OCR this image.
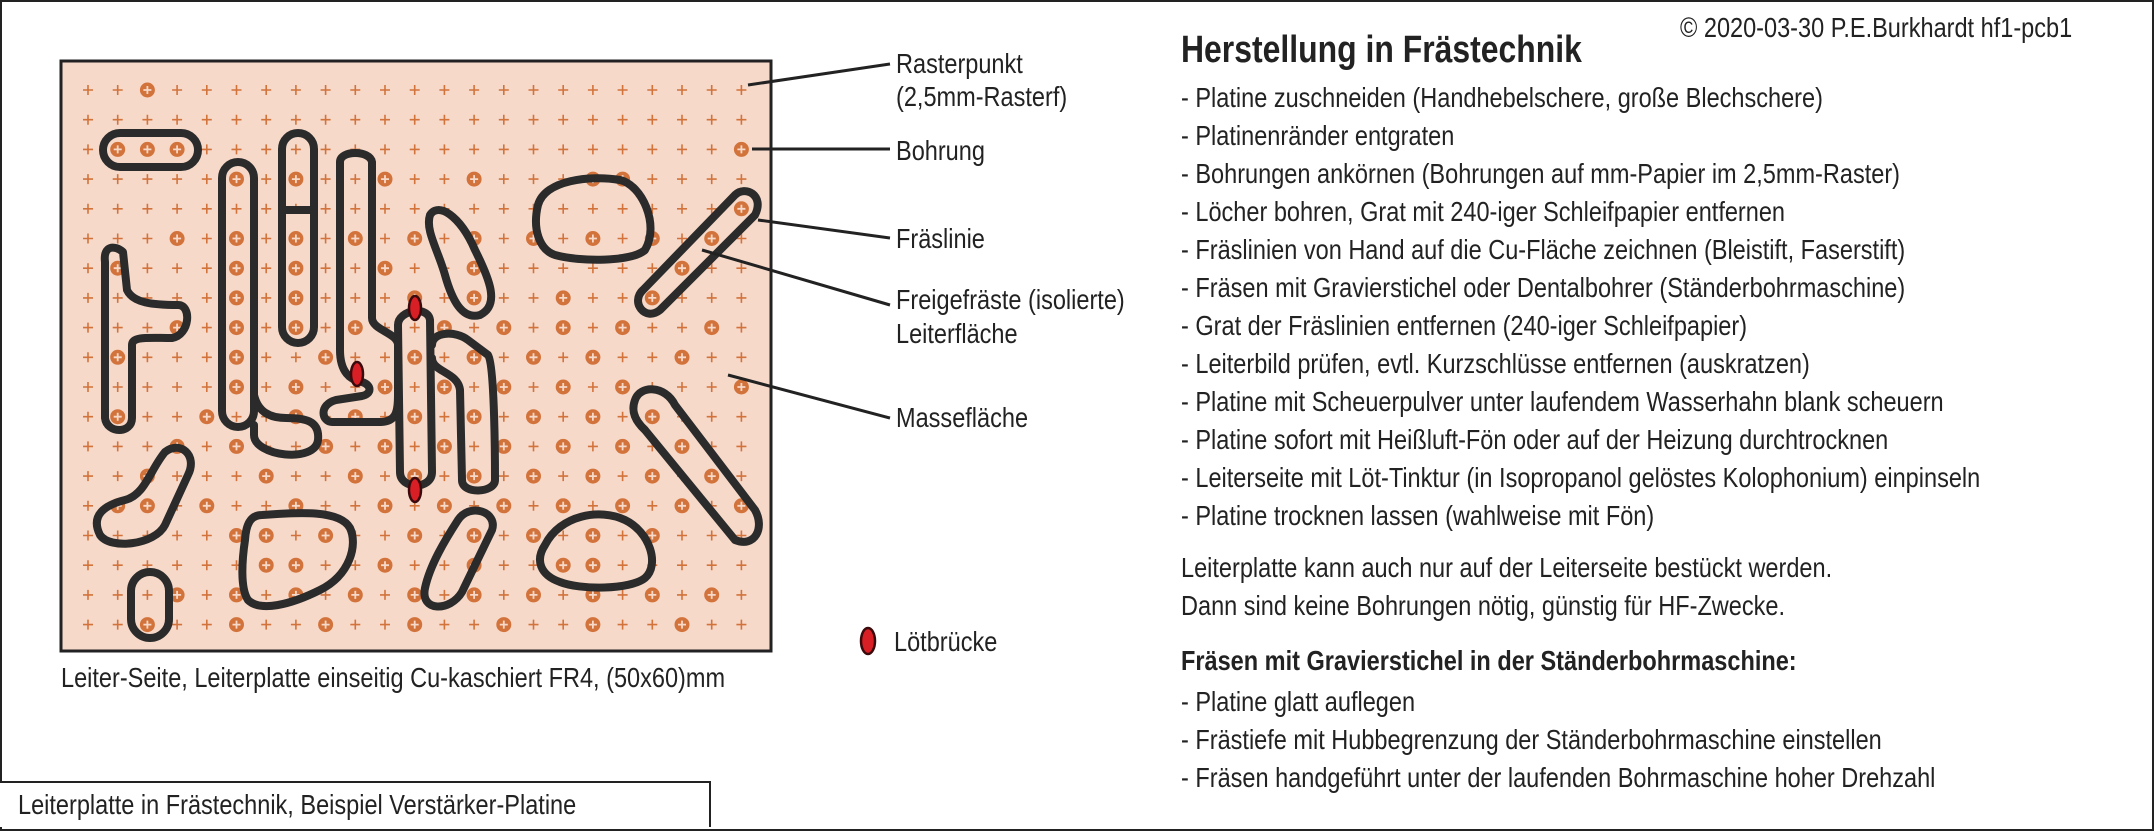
© 2020-03-30 P.E.Burkhardt hf1-pcb1
Herstellung in Frästechnik
- Platine zuschneiden (Handhebelschere, große Blechschere)
- Platinenränder entgraten
- Bohrungen ankörnen (Bohrungen auf mm-Papier im 2,5mm-Raster)
- Löcher bohren, Grat mit 240-iger Schleifpapier entfernen
- Fräslinien von Hand auf die Cu-Fläche zeichnen (Bleistift, Faserstift)
- Fräsen mit Gravierstichel oder Dentalbohrer (Ständerbohrmaschine)
- Grat der Fräslinien entfernen (240-iger Schleifpapier)
- Leiterbild prüfen, evtl. Kurzschlüsse entfernen (auskratzen)
- Platine mit Scheuerpulver unter laufendem Wasserhahn blank scheuern
- Platine sofort mit Heißluft-Fön oder auf der Heizung durchtrocknen
- Leiterseite mit Löt-Tinktur (in Isopropanol gelöstes Kolophonium) einpinseln
- Platine trocknen lassen (wahlweise mit Fön)
Leiterplatte kann auch nur auf der Leiterseite bestückt werden.
Dann sind keine Bohrungen nötig, günstig für HF-Zwecke.
Fräsen mit Gravierstichel in der Ständerbohrmaschine:
- Platine glatt auflegen
- Frästiefe mit Hubbegrenzung der Ständerbohrmaschine einstellen
- Fräsen handgeführt unter der laufenden Bohrmaschine hoher Drehzahl
Rasterpunkt
(2,5mm-Rasterf)
Bohrung
Fräslinie
Freigefräste (isolierte)
Leiterfläche
Massefläche
Lötbrücke
Leiter-Seite, Leiterplatte einseitig Cu-kaschiert FR4, (50x60)mm
Leiterplatte in Frästechnik, Beispiel Verstärker-Platine
